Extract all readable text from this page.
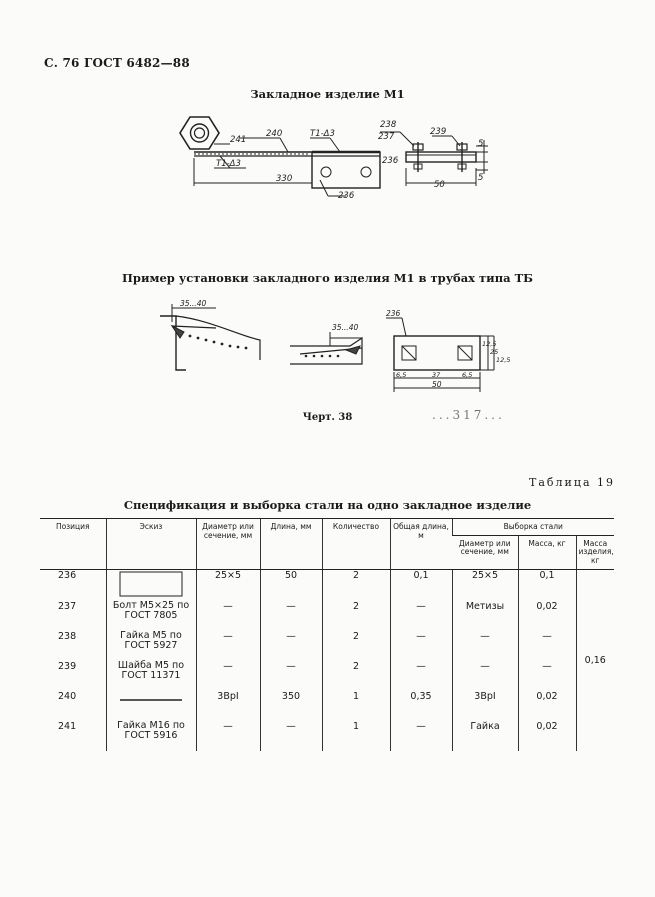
С. 76 ГОСТ 6482—88
Закладное изделие М1
241
240	Т1-Δ3
Т1-Δ3
330
236
238
237
236
239
5
5
50
Пример установки закладного изделия М1 в трубах типа ТБ
35...40
35...40
236
12,5
25
12,5
6,5	37	6,5
50
Черт. 38	...317...
Таблица 19
Спецификация и выборка стали на одно закладное изделие
Позиция	Эскиз	Диаметр или сечение, мм	Длина, мм	Количество	Общая длина, м	Выборка стали		
						Диаметр или сечение, мм	Масса, кг	Масса изделия, кг
236		25×5	50	2	0,1	25×5	0,1	0,16
237	Болт М5×25 по ГОСТ 7805	—	—	2	—	Метизы	0,02	
238	Гайка М5 по ГОСТ 5927	—	—	2	—	—	—	
239	Шайба М5 по ГОСТ 11371	—	—	2	—	—	—	
240		3ВрI	350	1	0,35	3ВрI	0,02	
241	Гайка М16 по ГОСТ 5916	—	—	1	—	Гайка	0,02	
